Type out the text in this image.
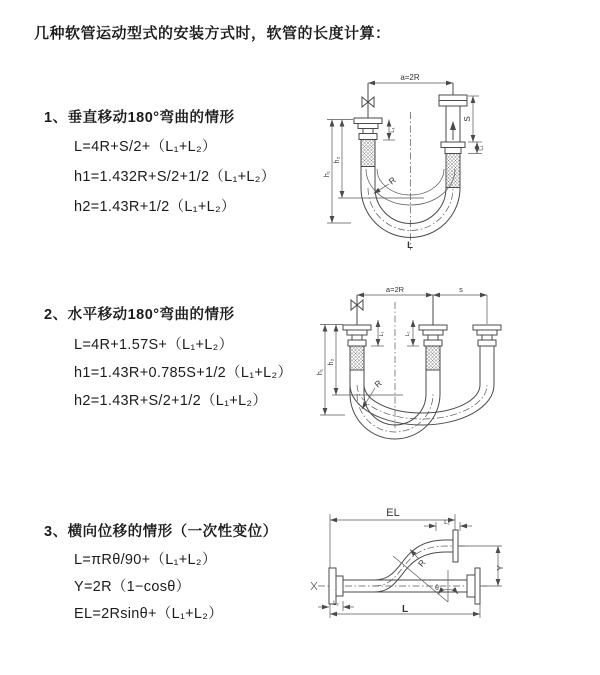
几种软管运动型式的安装方式时，软管的长度计算：
1、垂直移动180°弯曲的情形
L=4R+S/2+（L₁+L₂）
h1=1.432R+S/2+1/2（L₁+L₂）
h2=1.43R+1/2（L₁+L₂）
2、水平移动180°弯曲的情形
L=4R+1.57S+（L₁+L₂）
h1=1.43R+0.785S+1/2（L₁+L₂）
h2=1.43R+S/2+1/2（L₁+L₂）
3、横向位移的情形（一次性变位）
L=πRθ/90+（L₁+L₂）
Y=2R（1−cosθ）
EL=2Rsinθ+（L₁+L₂）
a=2R
L₁
h₁
h₂
S
L₁
R
L
a=2R	s
h₁
h₂
L₁	L₁
R
EL
L₁
Y
R
θ
L₂	L
